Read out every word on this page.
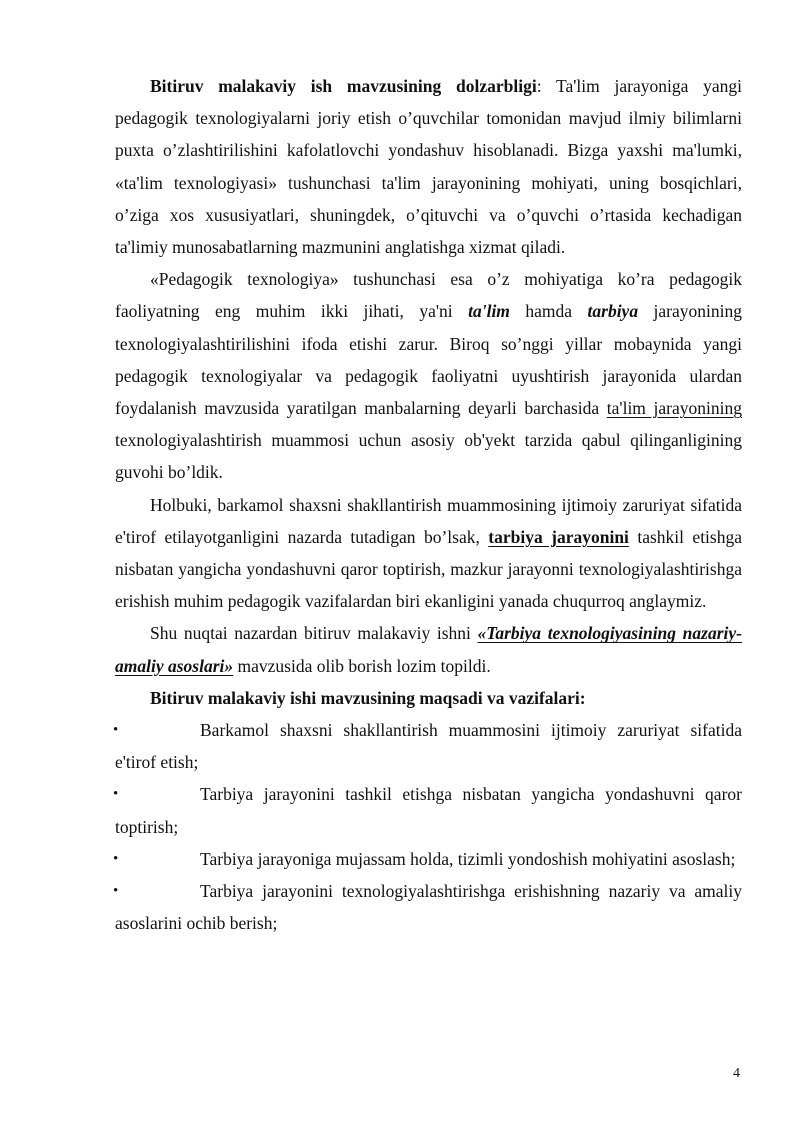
Bitiruv malakaviy ish mavzusining dolzarbligi: Ta'lim jarayoniga yangi pedagogik texnologiyalarni joriy etish o’quvchilar tomonidan mavjud ilmiy bilimlarni puxta o’zlashtirilishini kafolatlovchi yondashuv hisoblanadi. Bizga yaxshi ma'lumki, «ta'lim texnologiyasi» tushunchasi ta'lim jarayonining mohiyati, uning bosqichlari, o’ziga xos xususiyatlari, shuningdek, o’qituvchi va o’quvchi o’rtasida kechadigan ta'limiy munosabatlarning mazmunini anglatishga xizmat qiladi.

«Pedagogik texnologiya» tushunchasi esa o’z mohiyatiga ko’ra pedagogik faoliyatning eng muhim ikki jihati, ya'ni ta'lim hamda tarbiya jarayonining texnologiyalashtirilishini ifoda etishi zarur. Biroq so’nggi yillar mobaynida yangi pedagogik texnologiyalar va pedagogik faoliyatni uyushtirish jarayonida ulardan foydalanish mavzusida yaratilgan manbalarning deyarli barchasida ta'lim jarayonining texnologiyalashtirish muammosi uchun asosiy ob'yekt tarzida qabul qilinganligining guvohi bo’ldik.

Holbuki, barkamol shaxsni shakllantirish muammosining ijtimoiy zaruriyat sifatida e'tirof etilayotganligini nazarda tutadigan bo’lsak, tarbiya jarayonini tashkil etishga nisbatan yangicha yondashuvni qaror toptirish, mazkur jarayonni texnologiyalashtirishga erishish muhim pedagogik vazifalardan biri ekanligini yanada chuqurroq anglaymiz.

Shu nuqtai nazardan bitiruv malakaviy ishni «Tarbiya texnologiyasining nazariy-amaliy asoslari» mavzusida olib borish lozim topildi.

Bitiruv malakaviy ishi mavzusining maqsadi va vazifalari:

•	Barkamol shaxsni shakllantirish muammosini ijtimoiy zaruriyat sifatida e'tirof etish;

•	Tarbiya jarayonini tashkil etishga nisbatan yangicha yondashuvni qaror toptirish;

•	Tarbiya jarayoniga mujassam holda, tizimli yondoshish mohiyatini asoslash;

•	Tarbiya jarayonini texnologiyalashtirishga erishishning nazariy va amaliy asoslarini ochib berish;

4
